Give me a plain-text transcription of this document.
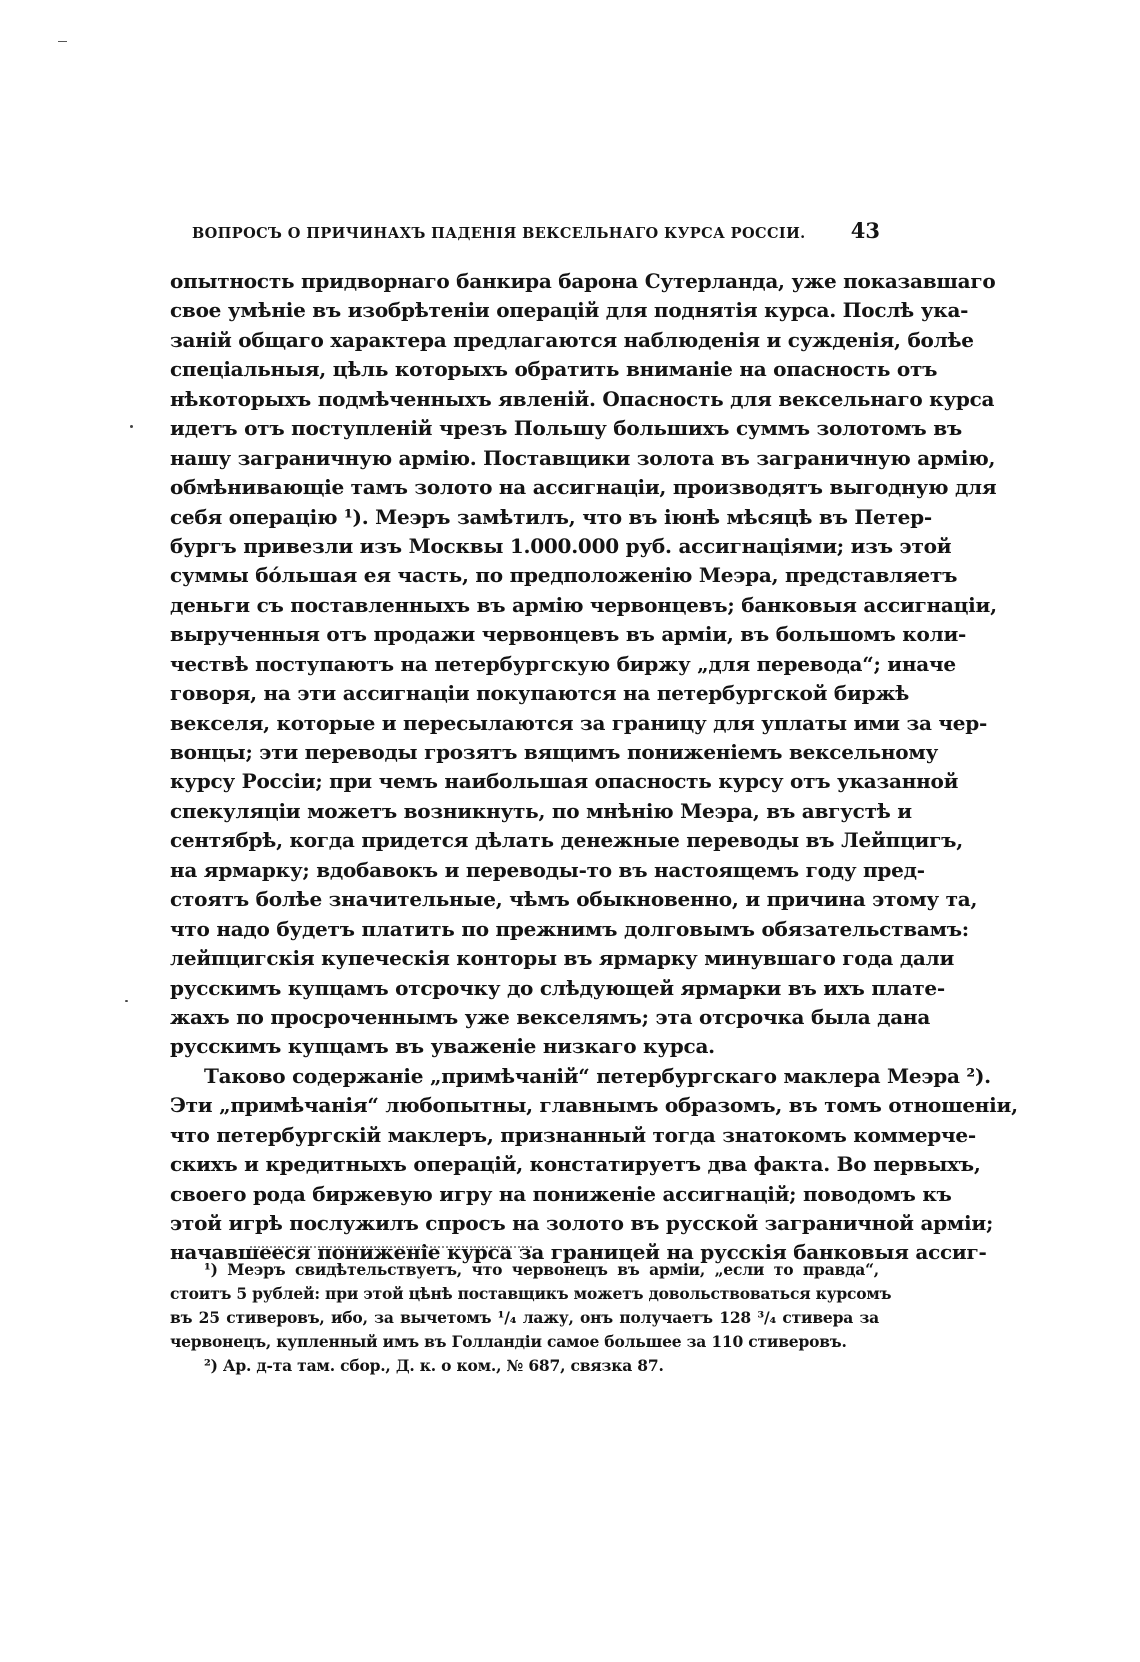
ВОПРОСЪ О ПРИЧИНАХЪ ПАДЕНІЯ ВЕКСЕЛЬНАГО КУРСА РОССІИ. 43
опытность придворнаго банкира барона Сутерланда, уже показавшаго
свое умѣніе въ изобрѣтеніи операцій для поднятія курса. Послѣ ука-
заній общаго характера предлагаются наблюденія и сужденія, болѣе
спеціальныя, цѣль которыхъ обратить вниманіе на опасность отъ
нѣкоторыхъ подмѣченныхъ явленій. Опасность для вексельнаго курса
идетъ отъ поступленій чрезъ Польшу большихъ суммъ золотомъ въ
нашу заграничную армію. Поставщики золота въ заграничную армію,
обмѣнивающіе тамъ золото на ассигнаціи, производятъ выгодную для
себя операцію ¹). Меэръ замѣтилъ, что въ іюнѣ мѣсяцѣ въ Петер-
бургъ привезли изъ Москвы 1.000.000 руб. ассигнаціями; изъ этой
суммы бо́льшая ея часть, по предположенію Меэра, представляетъ
деньги съ поставленныхъ въ армію червонцевъ; банковыя ассигнаціи,
вырученныя отъ продажи червонцевъ въ арміи, въ большомъ коли-
чествѣ поступаютъ на петербургскую биржу „для перевода“; иначе
говоря, на эти ассигнаціи покупаются на петербургской биржѣ
векселя, которые и пересылаются за границу для уплаты ими за чер-
вонцы; эти переводы грозятъ вящимъ пониженіемъ вексельному
курсу Россіи; при чемъ наибольшая опасность курсу отъ указанной
спекуляціи можетъ возникнуть, по мнѣнію Меэра, въ августѣ и
сентябрѣ, когда придется дѣлать денежные переводы въ Лейпцигъ,
на ярмарку; вдобавокъ и переводы-то въ настоящемъ году пред-
стоятъ болѣе значительные, чѣмъ обыкновенно, и причина этому та,
что надо будетъ платить по прежнимъ долговымъ обязательствамъ:
лейпцигскія купеческія конторы въ ярмарку минувшаго года дали
русскимъ купцамъ отсрочку до слѣдующей ярмарки въ ихъ плате-
жахъ по просроченнымъ уже векселямъ; эта отсрочка была дана
русскимъ купцамъ въ уваженіе низкаго курса.
Таково содержаніе „примѣчаній“ петербургскаго маклера Меэра ²).
Эти „примѣчанія“ любопытны, главнымъ образомъ, въ томъ отношеніи,
что петербургскій маклеръ, признанный тогда знатокомъ коммерче-
скихъ и кредитныхъ операцій, констатируетъ два факта. Во первыхъ,
своего рода биржевую игру на пониженіе ассигнацій; поводомъ къ
этой игрѣ послужилъ спросъ на золото въ русской заграничной арміи;
начавшееся пониженіе курса за границей на русскія банковыя ассиг-
¹) Меэръ свидѣтельствуетъ, что червонецъ въ арміи, „если то правда“,
стоитъ 5 рублей: при этой цѣнѣ поставщикъ можетъ довольствоваться курсомъ
въ 25 стиверовъ, ибо, за вычетомъ ¹/₄ лажу, онъ получаетъ 128 ³/₄ стивера за
червонецъ, купленный имъ въ Голландіи самое большее за 110 стиверовъ.
²) Ар. д-та там. сбор., Д. к. о ком., № 687, связка 87.
